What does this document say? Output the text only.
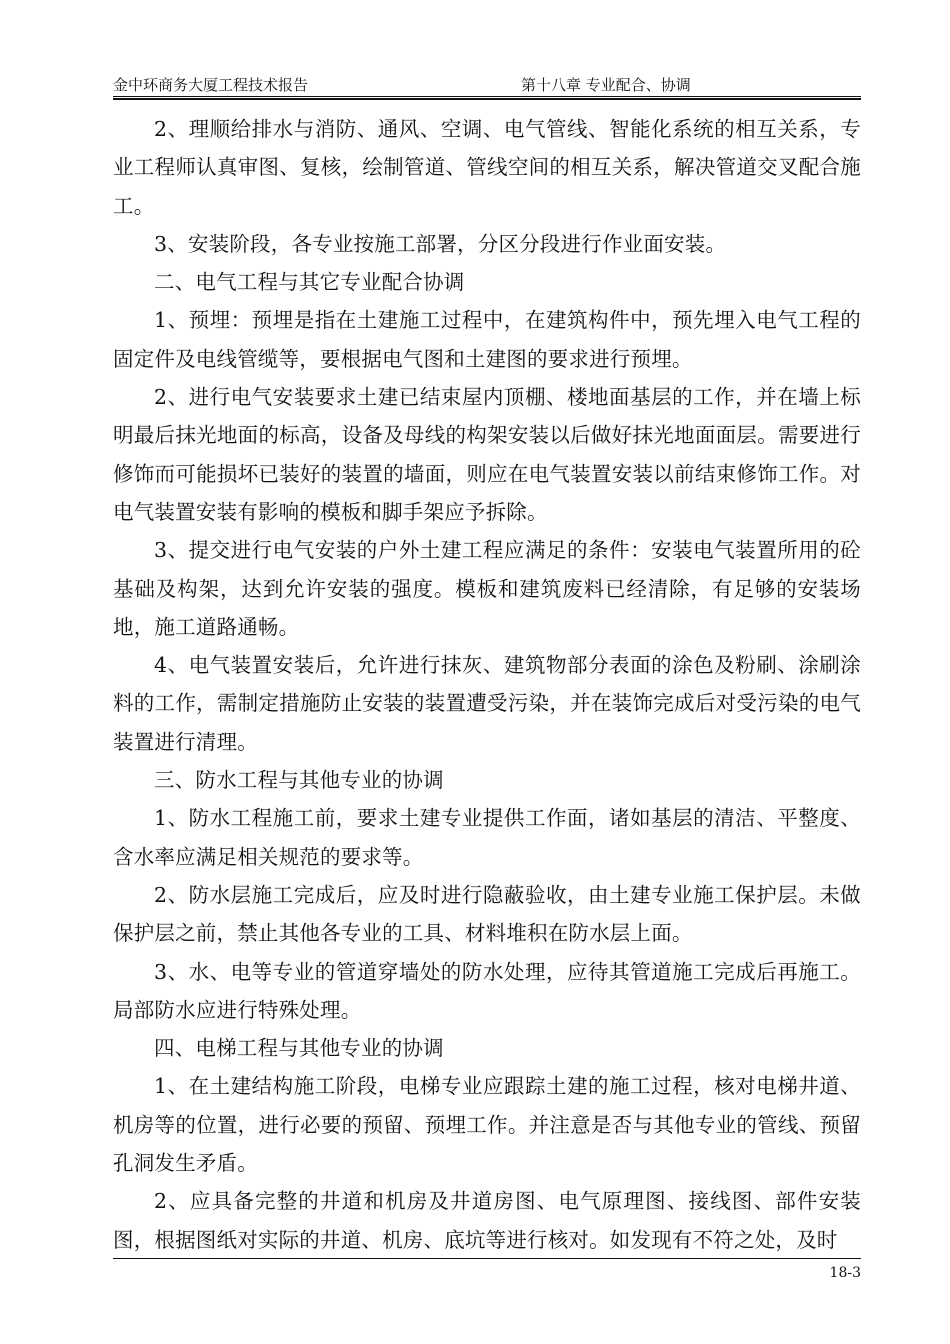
金中环商务大厦工程技术报告	第十八章 专业配合、协调

2、理顺给排水与消防、通风、空调、电气管线、智能化系统的相互关系，专业工程师认真审图、复核，绘制管道、管线空间的相互关系，解决管道交叉配合施工。

3、安装阶段，各专业按施工部署，分区分段进行作业面安装。

二、电气工程与其它专业配合协调

1、预埋：预埋是指在土建施工过程中，在建筑构件中，预先埋入电气工程的固定件及电线管缆等，要根据电气图和土建图的要求进行预埋。

2、进行电气安装要求土建已结束屋内顶棚、楼地面基层的工作，并在墙上标明最后抹光地面的标高，设备及母线的构架安装以后做好抹光地面面层。需要进行修饰而可能损坏已装好的装置的墙面，则应在电气装置安装以前结束修饰工作。对电气装置安装有影响的模板和脚手架应予拆除。

3、提交进行电气安装的户外土建工程应满足的条件：安装电气装置所用的砼基础及构架，达到允许安装的强度。模板和建筑废料已经清除，有足够的安装场地，施工道路通畅。

4、电气装置安装后，允许进行抹灰、建筑物部分表面的涂色及粉刷、涂刷涂料的工作，需制定措施防止安装的装置遭受污染，并在装饰完成后对受污染的电气装置进行清理。

三、防水工程与其他专业的协调

1、防水工程施工前，要求土建专业提供工作面，诸如基层的清洁、平整度、含水率应满足相关规范的要求等。

2、防水层施工完成后，应及时进行隐蔽验收，由土建专业施工保护层。未做保护层之前，禁止其他各专业的工具、材料堆积在防水层上面。

3、水、电等专业的管道穿墙处的防水处理，应待其管道施工完成后再施工。局部防水应进行特殊处理。

四、电梯工程与其他专业的协调

1、在土建结构施工阶段，电梯专业应跟踪土建的施工过程，核对电梯井道、机房等的位置，进行必要的预留、预埋工作。并注意是否与其他专业的管线、预留孔洞发生矛盾。

2、应具备完整的井道和机房及井道房图、电气原理图、接线图、部件安装图，根据图纸对实际的井道、机房、底坑等进行核对。如发现有不符之处，及时

18-3
